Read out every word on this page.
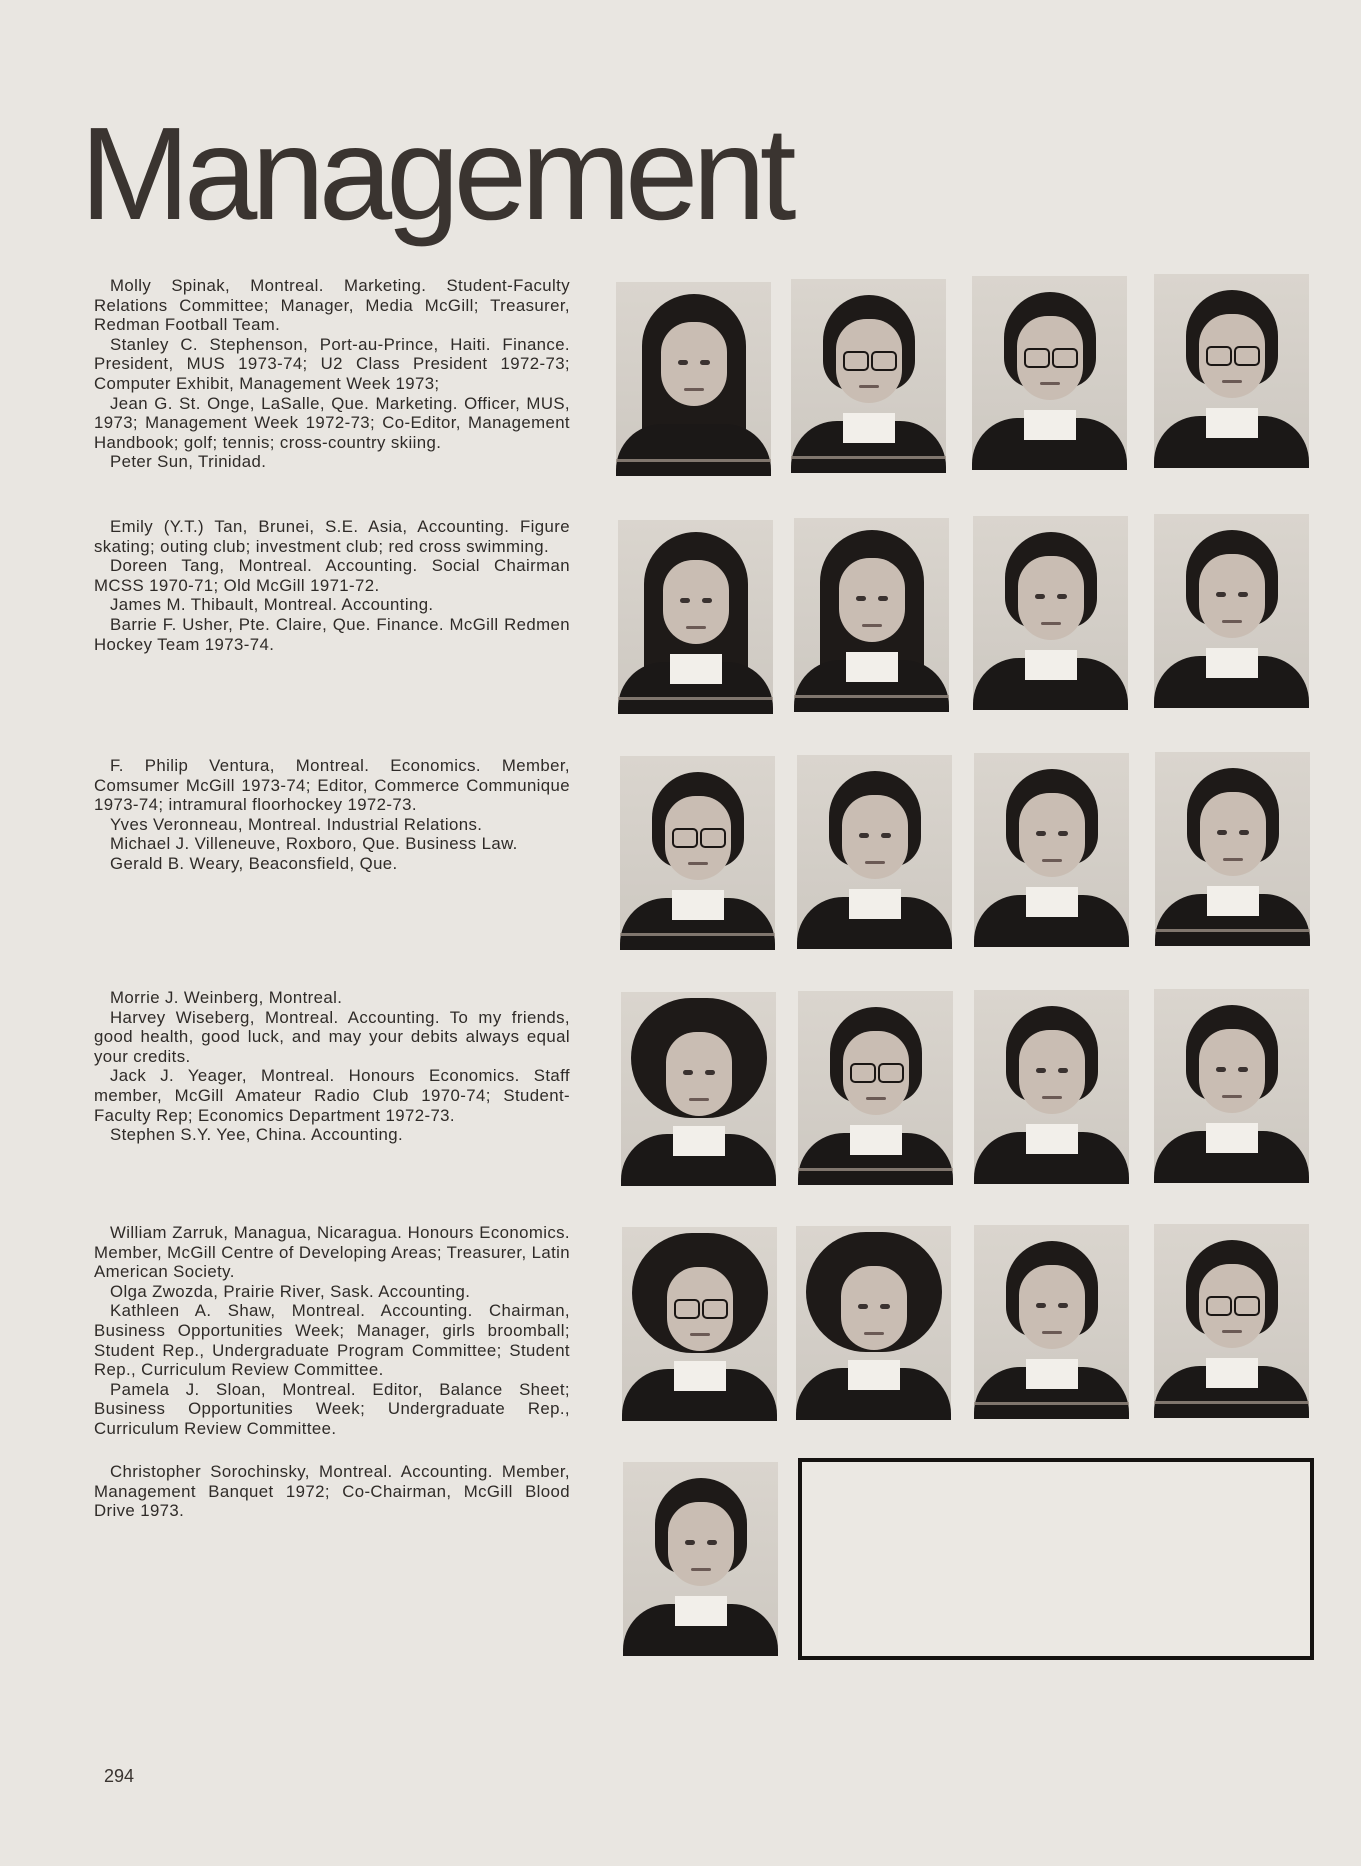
Management

Molly Spinak, Montreal. Marketing. Student-Faculty Relations Committee; Manager, Media McGill; Treasurer, Redman Football Team.

Stanley C. Stephenson, Port-au-Prince, Haiti. Finance. President, MUS 1973-74; U2 Class President 1972-73; Computer Exhibit, Management Week 1973;

Jean G. St. Onge, LaSalle, Que. Marketing. Officer, MUS, 1973; Management Week 1972-73; Co-Editor, Management Handbook; golf; tennis; cross-country skiing.

Peter Sun, Trinidad.

Emily (Y.T.) Tan, Brunei, S.E. Asia, Accounting. Figure skating; outing club; investment club; red cross swimming.

Doreen Tang, Montreal. Accounting. Social Chairman MCSS 1970-71; Old McGill 1971-72.

James M. Thibault, Montreal. Accounting.

Barrie F. Usher, Pte. Claire, Que. Finance. McGill Redmen Hockey Team 1973-74.

F. Philip Ventura, Montreal. Economics. Member, Comsumer McGill 1973-74; Editor, Commerce Communique 1973-74; intramural floorhockey 1972-73.

Yves Veronneau, Montreal. Industrial Relations.

Michael J. Villeneuve, Roxboro, Que. Business Law.

Gerald B. Weary, Beaconsfield, Que.

Morrie J. Weinberg, Montreal.

Harvey Wiseberg, Montreal. Accounting. To my friends, good health, good luck, and may your debits always equal your credits.

Jack J. Yeager, Montreal. Honours Economics. Staff member, McGill Amateur Radio Club 1970-74; Student-Faculty Rep; Economics Department 1972-73.

Stephen S.Y. Yee, China. Accounting.

William Zarruk, Managua, Nicaragua. Honours Economics. Member, McGill Centre of Developing Areas; Treasurer, Latin American Society.

Olga Zwozda, Prairie River, Sask. Accounting.

Kathleen A. Shaw, Montreal. Accounting. Chairman, Business Opportunities Week; Manager, girls broomball; Student Rep., Undergraduate Program Committee; Student Rep., Curriculum Review Committee.

Pamela J. Sloan, Montreal. Editor, Balance Sheet; Business Opportunities Week; Undergraduate Rep., Curriculum Review Committee.

Christopher Sorochinsky, Montreal. Accounting. Member, Management Banquet 1972; Co-Chairman, McGill Blood Drive 1973.

294
